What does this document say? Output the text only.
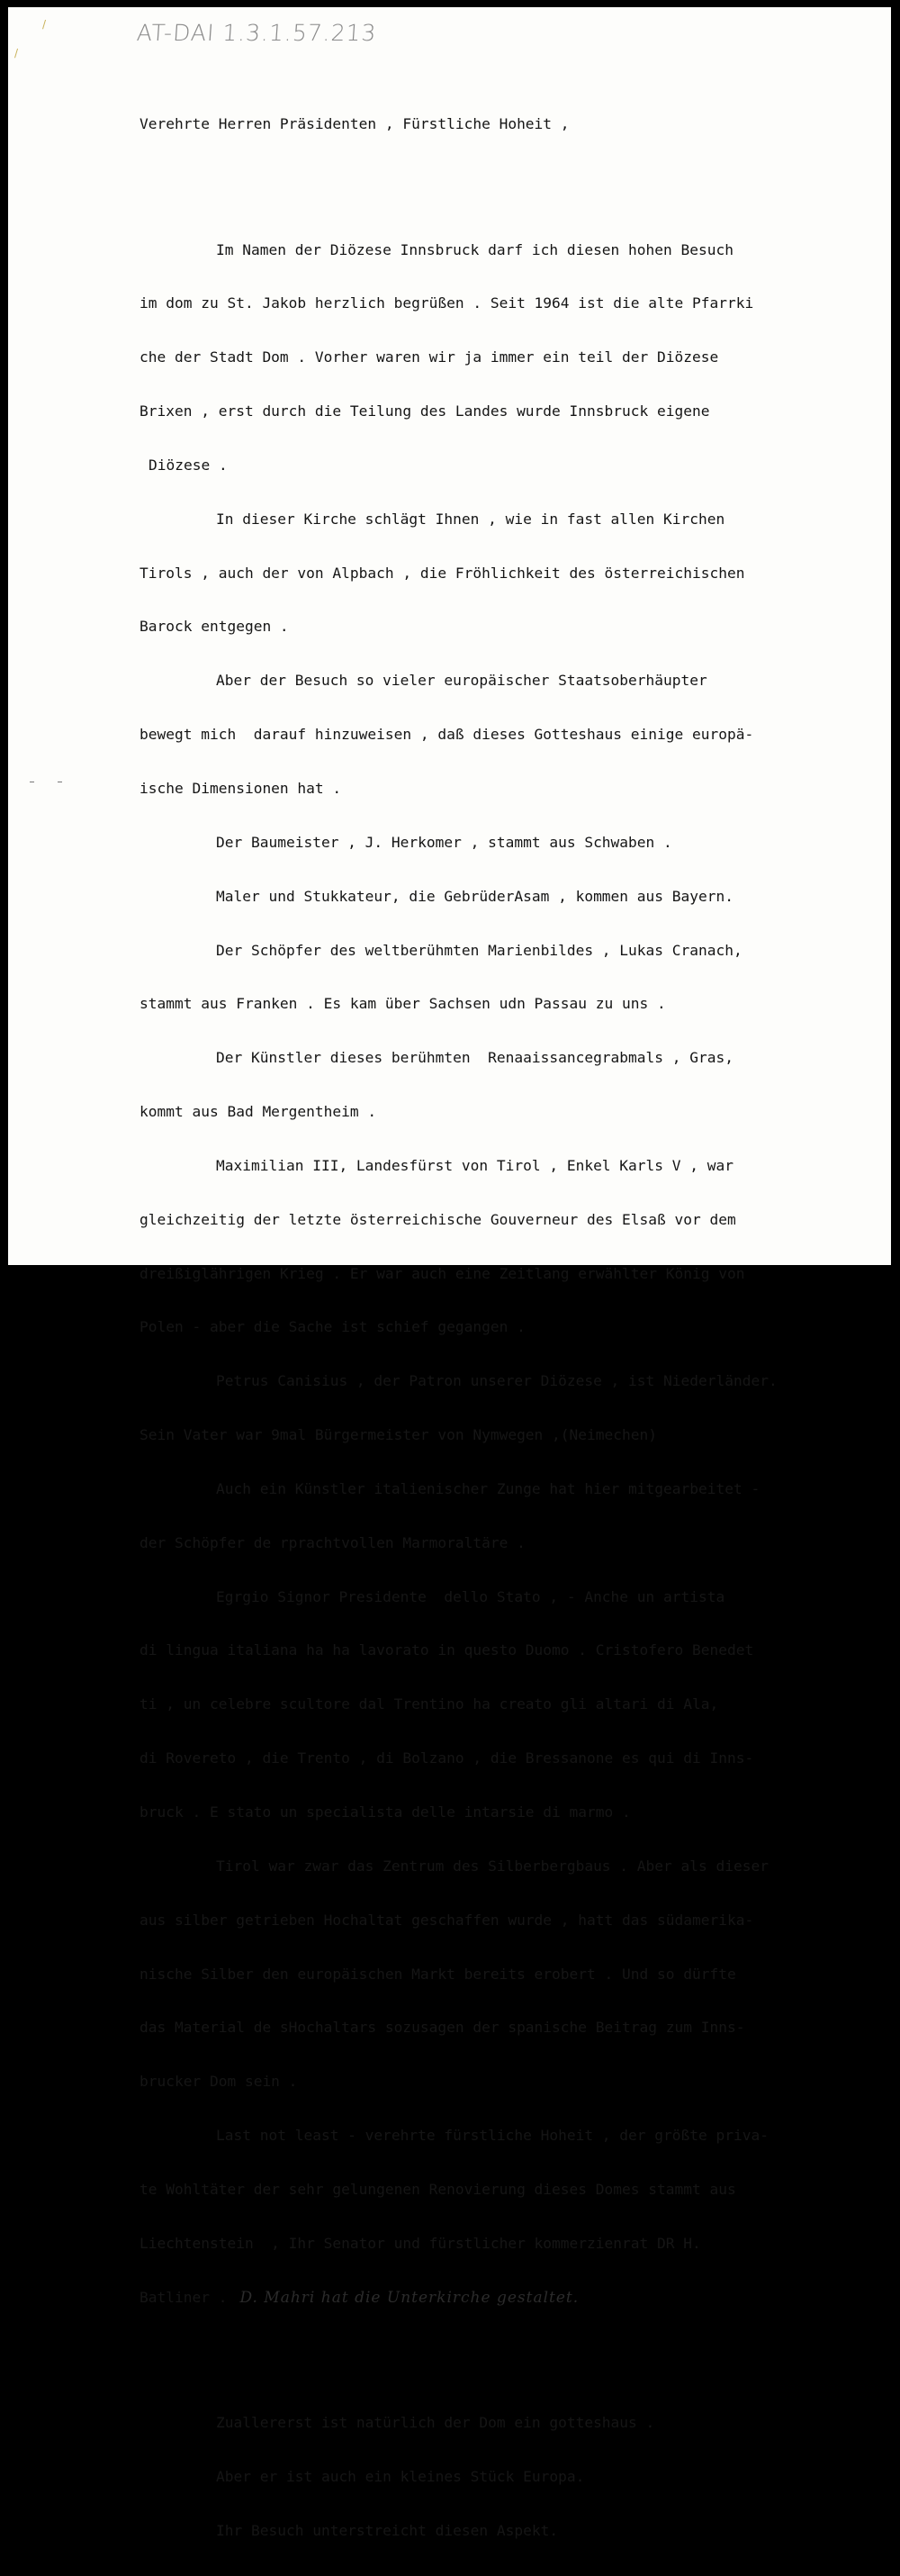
/
/
AT-DAI 1.3.1.57.213

Verehrte Herren Präsidenten , Fürstliche Hoheit ,

Im Namen der Diözese Innsbruck darf ich diesen hohen Besuch

im dom zu St. Jakob herzlich begrüßen . Seit 1964 ist die alte Pfarrki

che der Stadt Dom . Vorher waren wir ja immer ein teil der Diözese

Brixen , erst durch die Teilung des Landes wurde Innsbruck eigene

Diözese .

In dieser Kirche schlägt Ihnen , wie in fast allen Kirchen

Tirols , auch der von Alpbach , die Fröhlichkeit des österreichischen

Barock entgegen .

Aber der Besuch so vieler europäischer Staatsoberhäupter

bewegt mich  darauf hinzuweisen , daß dieses Gotteshaus einige europä-

ische Dimensionen hat .

Der Baumeister , J. Herkomer , stammt aus Schwaben .

Maler und Stukkateur, die GebrüderAsam , kommen aus Bayern.

Der Schöpfer des weltberühmten Marienbildes , Lukas Cranach,

stammt aus Franken . Es kam über Sachsen udn Passau zu uns .

Der Künstler dieses berühmten  Renaaissancegrabmals , Gras,

kommt aus Bad Mergentheim .

Maximilian III, Landesfürst von Tirol , Enkel Karls V , war

gleichzeitig der letzte österreichische Gouverneur des Elsaß vor dem

dreißiglährigen Krieg . Er war auch eine Zeitlang erwählter König von

Polen - aber die Sache ist schief gegangen .

Petrus Canisius , der Patron unserer Diözese , ist Niederländer.

Sein Vater war 9mal Bürgermeister von Nymwegen ,(Neimechen)

Auch ein Künstler italienischer Zunge hat hier mitgearbeitet -

der Schöpfer de rprachtvollen Marmoraltäre .

Egrgio Signor Presidente  dello Stato , - Anche un artista

di lingua italiana ha ha lavorato in questo Duomo . Cristofero Benedet

ti , un celebre scultore dal Trentino ha creato gli altari di Ala,

di Rovereto , die Trento , di Bolzano , die Bressanone es qui di Inns-

bruck . E stato un specialista delle intarsie di marmo .

Tirol war zwar das Zentrum des Silberbergbaus . Aber als dieser

aus silber getrieben Hochaltat geschaffen wurde , hatt das südamerika-

nische Silber den europäischen Markt bereits erobert . Und so dürfte

das Material de sHochaltars sozusagen der spanische Beitrag zum Inns-

brucker Dom sein .

Last not least - verehrte fürstliche Hoheit , der größte priva-

te Wohltäter der sehr gelungenen Renovierung dieses Domes stammt aus

Liechtenstein  , Ihr Senator und fürstlicher kommerzienrat DR H.

Batliner . D. Mahri hat die Unterkirche gestaltet.

Zuallererst ist natürlich der Dom ein gotteshaus .

Aber er ist auch ein kleines Stück Europa.

Ihr Besuch unterstreicht diesen Aspekt.
